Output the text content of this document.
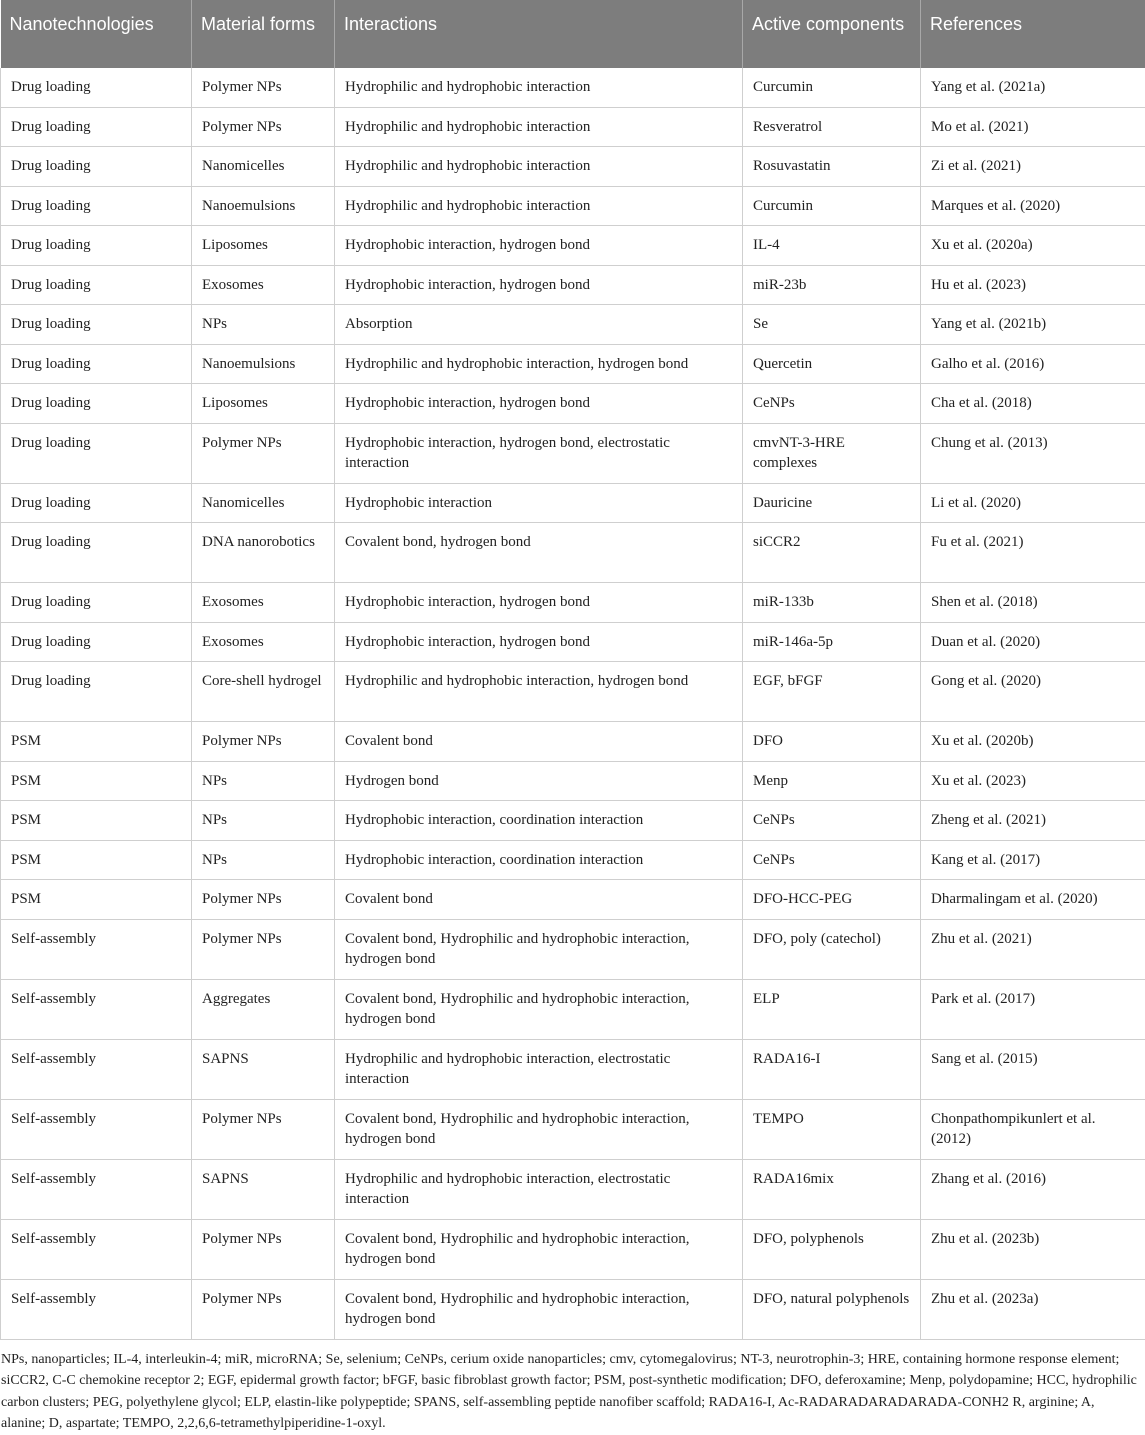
Nanotechnologies	Material forms	Interactions	Active components	References
Drug loading	Polymer NPs	Hydrophilic and hydrophobic interaction	Curcumin	Yang et al. (2021a)
Drug loading	Polymer NPs	Hydrophilic and hydrophobic interaction	Resveratrol	Mo et al. (2021)
Drug loading	Nanomicelles	Hydrophilic and hydrophobic interaction	Rosuvastatin	Zi et al. (2021)
Drug loading	Nanoemulsions	Hydrophilic and hydrophobic interaction	Curcumin	Marques et al. (2020)
Drug loading	Liposomes	Hydrophobic interaction, hydrogen bond	IL-4	Xu et al. (2020a)
Drug loading	Exosomes	Hydrophobic interaction, hydrogen bond	miR-23b	Hu et al. (2023)
Drug loading	NPs	Absorption	Se	Yang et al. (2021b)
Drug loading	Nanoemulsions	Hydrophilic and hydrophobic interaction, hydrogen bond	Quercetin	Galho et al. (2016)
Drug loading	Liposomes	Hydrophobic interaction, hydrogen bond	CeNPs	Cha et al. (2018)
Drug loading	Polymer NPs	Hydrophobic interaction, hydrogen bond, electrostatic interaction	cmvNT-3-HRE complexes	Chung et al. (2013)
Drug loading	Nanomicelles	Hydrophobic interaction	Dauricine	Li et al. (2020)
Drug loading	DNA nanorobotics	Covalent bond, hydrogen bond	siCCR2	Fu et al. (2021)
Drug loading	Exosomes	Hydrophobic interaction, hydrogen bond	miR-133b	Shen et al. (2018)
Drug loading	Exosomes	Hydrophobic interaction, hydrogen bond	miR-146a-5p	Duan et al. (2020)
Drug loading	Core-shell hydrogel	Hydrophilic and hydrophobic interaction, hydrogen bond	EGF, bFGF	Gong et al. (2020)
PSM	Polymer NPs	Covalent bond	DFO	Xu et al. (2020b)
PSM	NPs	Hydrogen bond	Menp	Xu et al. (2023)
PSM	NPs	Hydrophobic interaction, coordination interaction	CeNPs	Zheng et al. (2021)
PSM	NPs	Hydrophobic interaction, coordination interaction	CeNPs	Kang et al. (2017)
PSM	Polymer NPs	Covalent bond	DFO-HCC-PEG	Dharmalingam et al. (2020)
Self-assembly	Polymer NPs	Covalent bond, Hydrophilic and hydrophobic interaction, hydrogen bond	DFO, poly (catechol)	Zhu et al. (2021)
Self-assembly	Aggregates	Covalent bond, Hydrophilic and hydrophobic interaction, hydrogen bond	ELP	Park et al. (2017)
Self-assembly	SAPNS	Hydrophilic and hydrophobic interaction, electrostatic interaction	RADA16-I	Sang et al. (2015)
Self-assembly	Polymer NPs	Covalent bond, Hydrophilic and hydrophobic interaction, hydrogen bond	TEMPO	Chonpathompikunlert et al. (2012)
Self-assembly	SAPNS	Hydrophilic and hydrophobic interaction, electrostatic interaction	RADA16mix	Zhang et al. (2016)
Self-assembly	Polymer NPs	Covalent bond, Hydrophilic and hydrophobic interaction, hydrogen bond	DFO, polyphenols	Zhu et al. (2023b)
Self-assembly	Polymer NPs	Covalent bond, Hydrophilic and hydrophobic interaction, hydrogen bond	DFO, natural polyphenols	Zhu et al. (2023a)
NPs, nanoparticles; IL-4, interleukin-4; miR, microRNA; Se, selenium; CeNPs, cerium oxide nanoparticles; cmv, cytomegalovirus; NT-3, neurotrophin-3; HRE, containing hormone response element; siCCR2, C-C chemokine receptor 2; EGF, epidermal growth factor; bFGF, basic fibroblast growth factor; PSM, post-synthetic modification; DFO, deferoxamine; Menp, polydopamine; HCC, hydrophilic carbon clusters; PEG, polyethylene glycol; ELP, elastin-like polypeptide; SPANS, self-assembling peptide nanofiber scaffold; RADA16-I, Ac-RADARADARADARADA-CONH2 R, arginine; A, alanine; D, aspartate; TEMPO, 2,2,6,6-tetramethylpiperidine-1-oxyl.
